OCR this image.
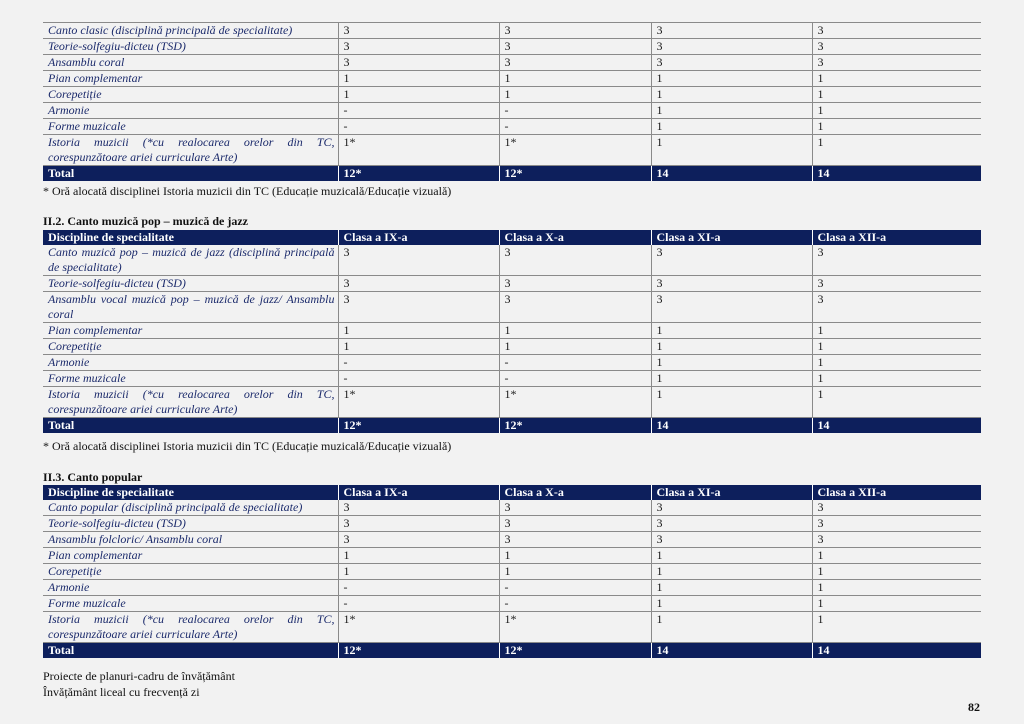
Canto clasic (disciplină principală de specialitate)	3	3	3	3
Teorie-solfegiu-dicteu (TSD)	3	3	3	3
Ansamblu coral	3	3	3	3
Pian complementar	1	1	1	1
Corepetiție	1	1	1	1
Armonie	-	-	1	1
Forme muzicale	-	-	1	1
Istoria muzicii (*cu realocarea orelor din TC, corespunzătoare ariei curriculare Arte)	1*	1*	1	1
Total	12*	12*	14	14
* Oră alocată disciplinei Istoria muzicii din TC (Educație muzicală/Educație vizuală)
II.2. Canto muzică pop – muzică de jazz
Discipline de specialitate	Clasa a IX-a	Clasa a X-a	Clasa a XI-a	Clasa a XII-a
Canto muzică pop – muzică de jazz (disciplină principală de specialitate)	3	3	3	3
Teorie-solfegiu-dicteu (TSD)	3	3	3	3
Ansamblu vocal muzică pop – muzică de jazz/ Ansamblu coral	3	3	3	3
Pian complementar	1	1	1	1
Corepetiție	1	1	1	1
Armonie	-	-	1	1
Forme muzicale	-	-	1	1
Istoria muzicii (*cu realocarea orelor din TC, corespunzătoare ariei curriculare Arte)	1*	1*	1	1
Total	12*	12*	14	14
* Oră alocată disciplinei Istoria muzicii din TC (Educație muzicală/Educație vizuală)
II.3. Canto popular
Discipline de specialitate	Clasa a IX-a	Clasa a X-a	Clasa a XI-a	Clasa a XII-a
Canto popular (disciplină principală de specialitate)	3	3	3	3
Teorie-solfegiu-dicteu (TSD)	3	3	3	3
Ansamblu folcloric/ Ansamblu coral	3	3	3	3
Pian complementar	1	1	1	1
Corepetiție	1	1	1	1
Armonie	-	-	1	1
Forme muzicale	-	-	1	1
Istoria muzicii (*cu realocarea orelor din TC, corespunzătoare ariei curriculare Arte)	1*	1*	1	1
Total	12*	12*	14	14
Proiecte de planuri-cadru de învățământ
Învățământ liceal cu frecvență zi
82
